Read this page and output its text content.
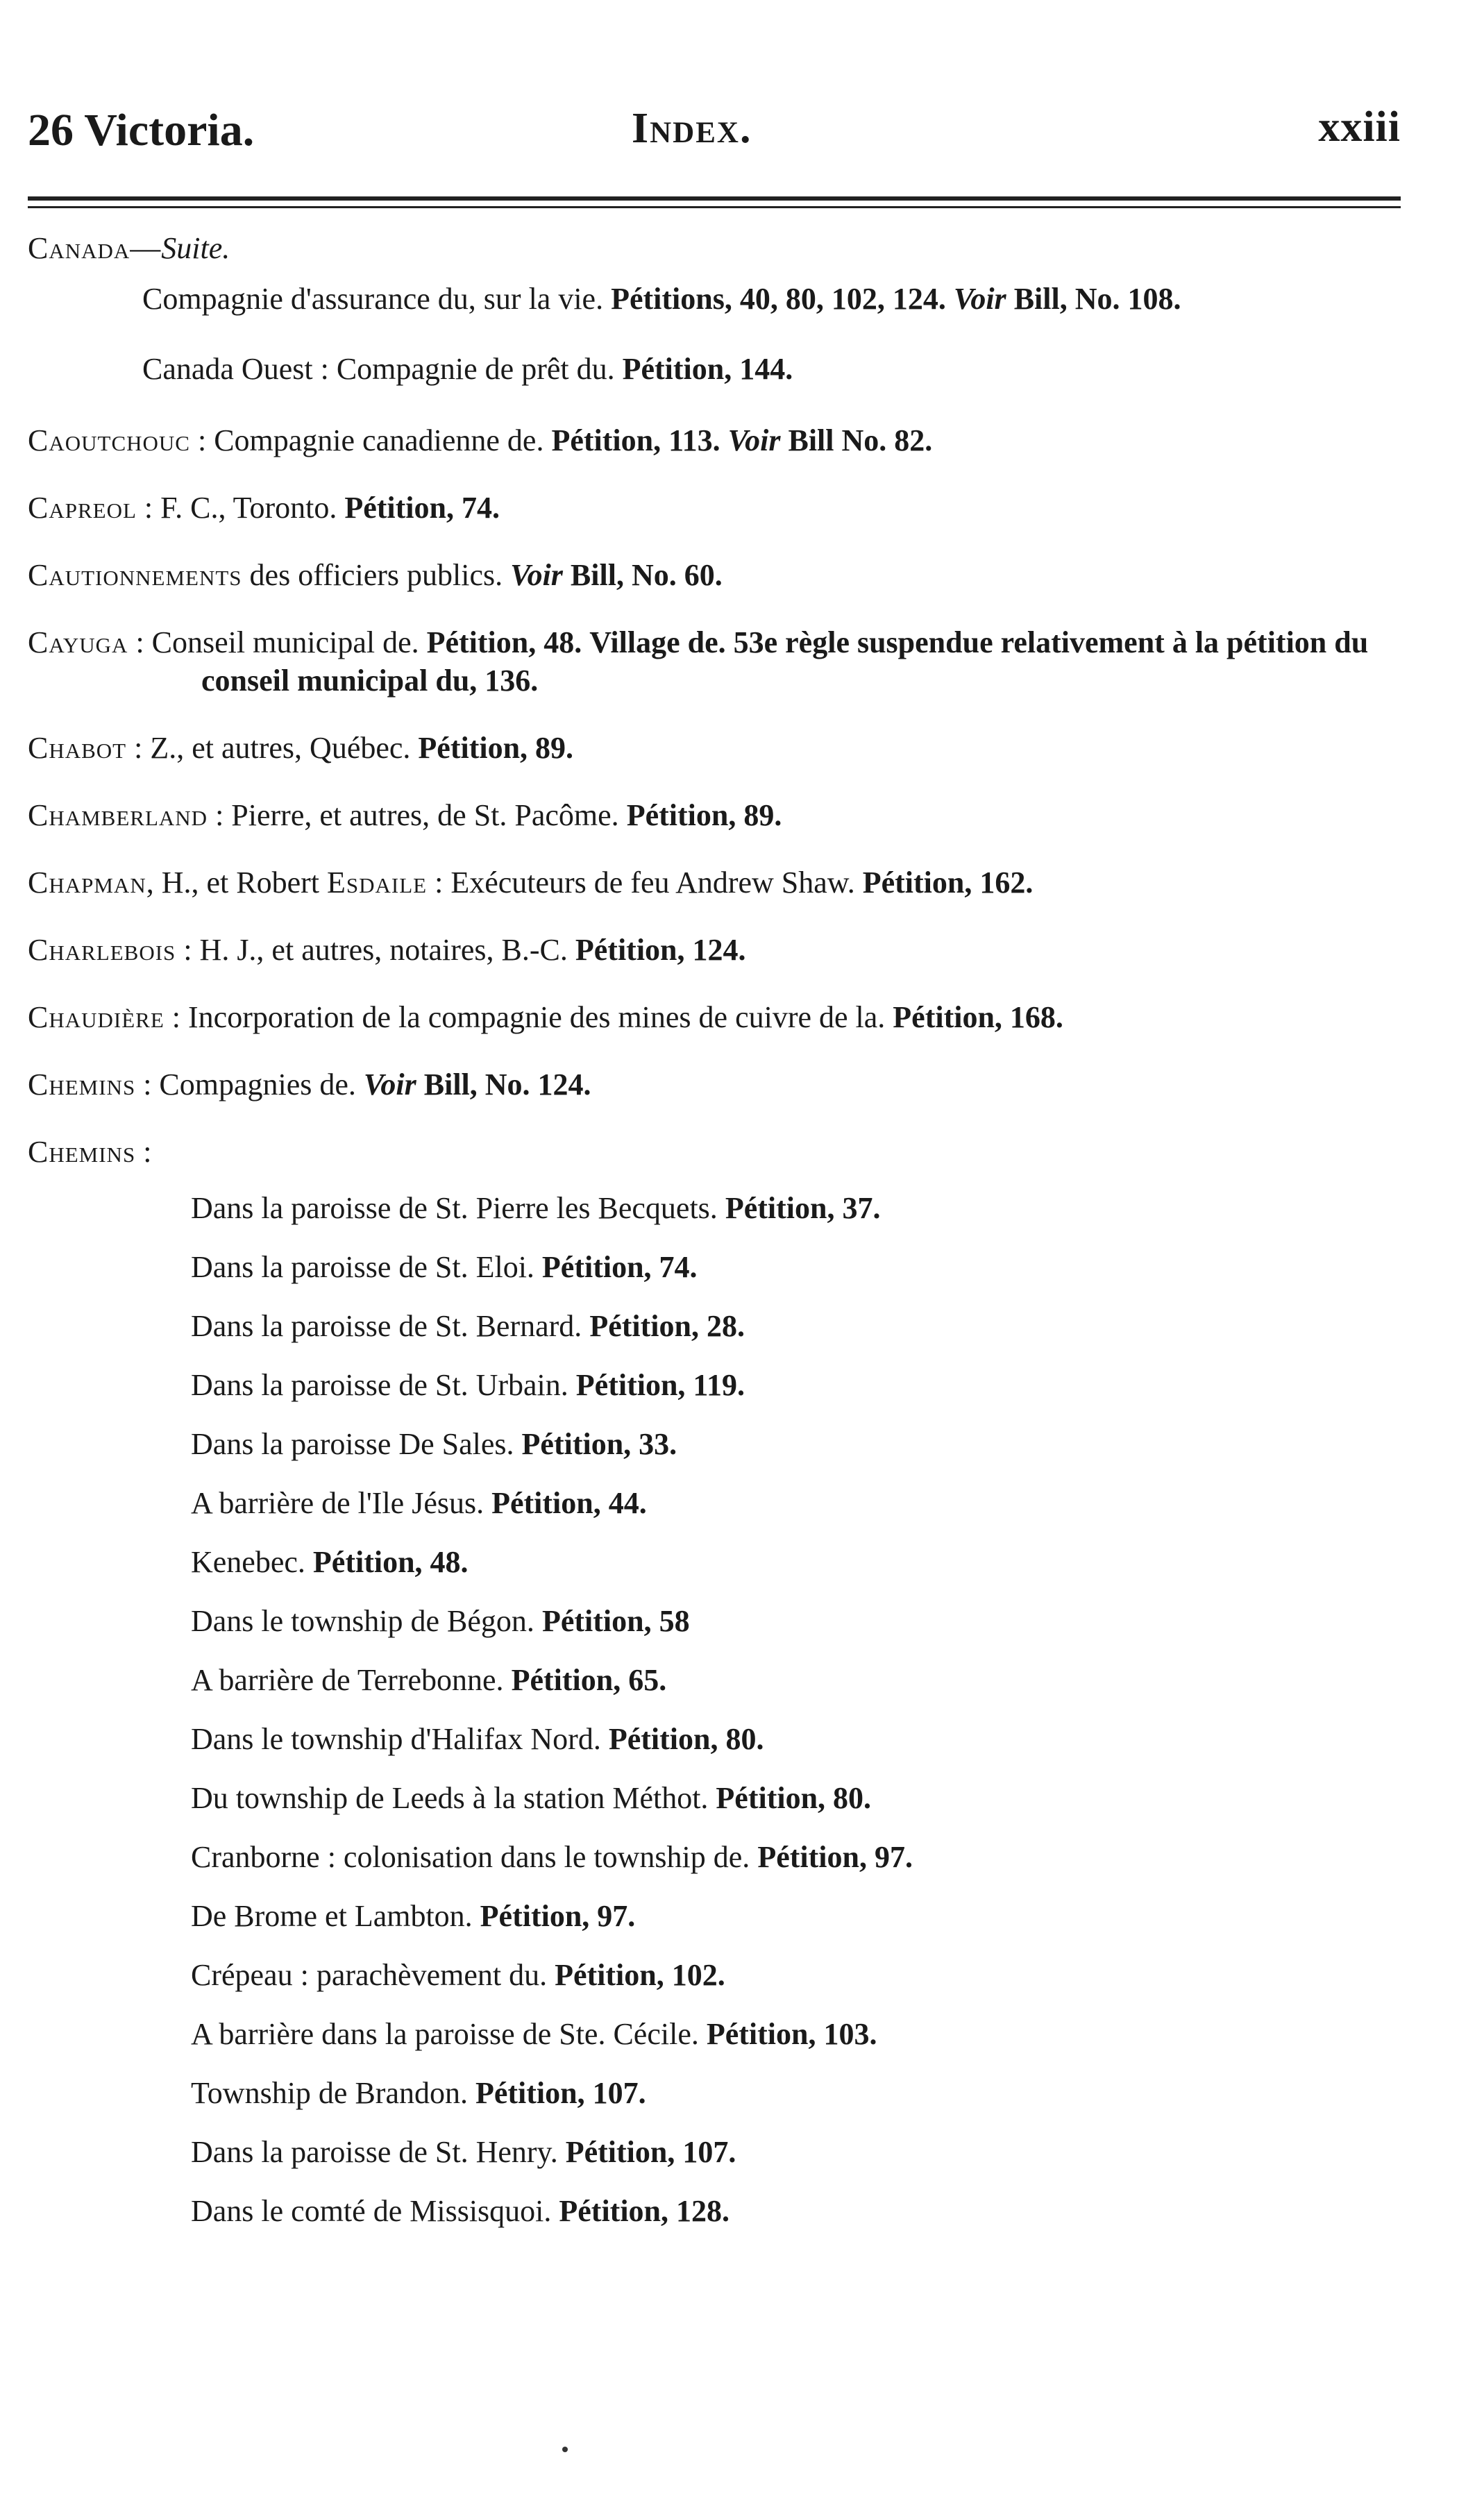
26 Victoria.	Index.	xxiii
Canada—Suite.
Compagnie d'assurance du, sur la vie. Pétitions, 40, 80, 102, 124. Voir Bill, No. 108.
Canada Ouest : Compagnie de prêt du. Pétition, 144.
Caoutchouc : Compagnie canadienne de. Pétition, 113. Voir Bill No. 82.
Capreol : F. C., Toronto. Pétition, 74.
Cautionnements des officiers publics. Voir Bill, No. 60.
Cayuga : Conseil municipal de. Pétition, 48. Village de. 53e règle suspendue relativement à la pétition du conseil municipal du, 136.
Chabot : Z., et autres, Québec. Pétition, 89.
Chamberland : Pierre, et autres, de St. Pacôme. Pétition, 89.
Chapman, H., et Robert Esdaile : Exécuteurs de feu Andrew Shaw. Pétition, 162.
Charlebois : H. J., et autres, notaires, B.-C. Pétition, 124.
Chaudière : Incorporation de la compagnie des mines de cuivre de la. Pétition, 168.
Chemins : Compagnies de. Voir Bill, No. 124.
Chemins :
Dans la paroisse de St. Pierre les Becquets. Pétition, 37.
Dans la paroisse de St. Eloi. Pétition, 74.
Dans la paroisse de St. Bernard. Pétition, 28.
Dans la paroisse de St. Urbain. Pétition, 119.
Dans la paroisse De Sales. Pétition, 33.
A barrière de l'Ile Jésus. Pétition, 44.
Kenebec. Pétition, 48.
Dans le township de Bégon. Pétition, 58
A barrière de Terrebonne. Pétition, 65.
Dans le township d'Halifax Nord. Pétition, 80.
Du township de Leeds à la station Méthot. Pétition, 80.
Cranborne : colonisation dans le township de. Pétition, 97.
De Brome et Lambton. Pétition, 97.
Crépeau : parachèvement du. Pétition, 102.
A barrière dans la paroisse de Ste. Cécile. Pétition, 103.
Township de Brandon. Pétition, 107.
Dans la paroisse de St. Henry. Pétition, 107.
Dans le comté de Missisquoi. Pétition, 128.
